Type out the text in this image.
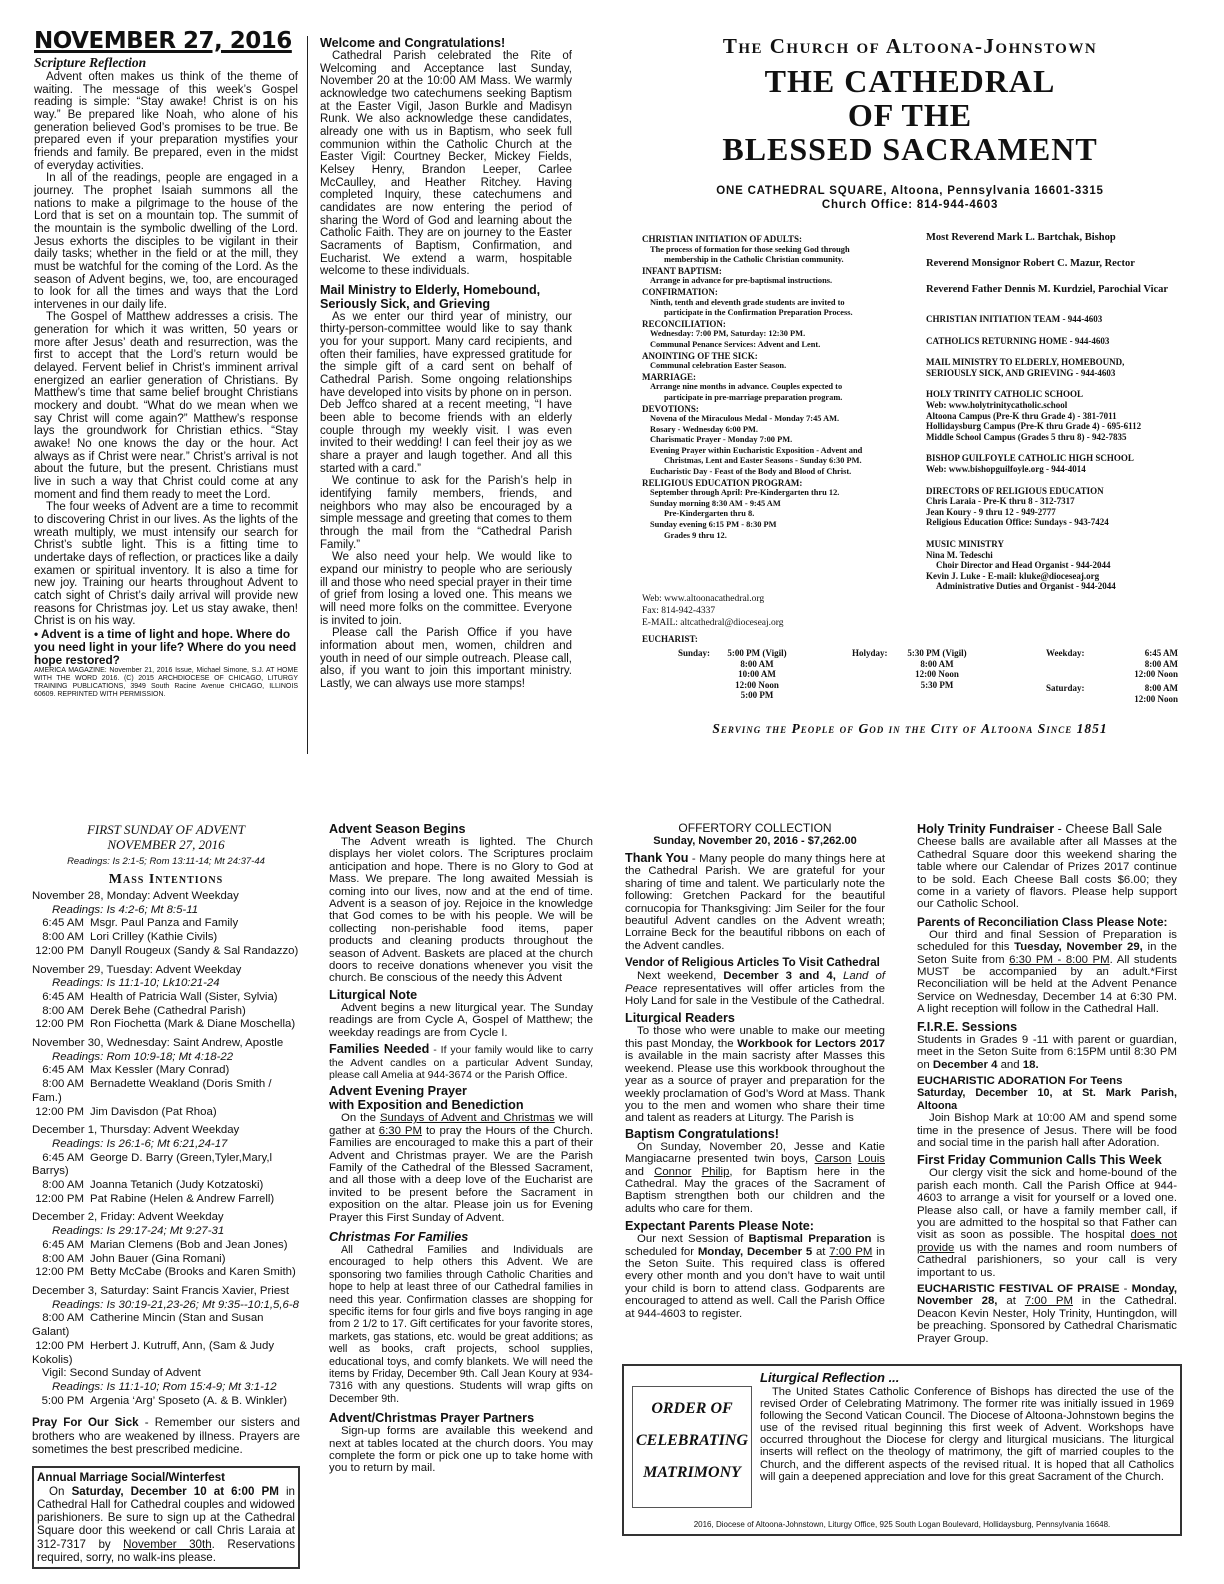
NOVEMBER 27, 2016
Scripture Reflection

Advent often makes us think of the theme of waiting. The message of this week’s Gospel reading is simple: “Stay awake! Christ is on his way.” Be prepared like Noah, who alone of his generation believed God’s promises to be true. Be prepared even if your preparation mystifies your friends and family. Be prepared, even in the midst of everyday activities.

In all of the readings, people are engaged in a journey. The prophet Isaiah summons all the nations to make a pilgrimage to the house of the Lord that is set on a mountain top. The summit of the mountain is the symbolic dwelling of the Lord. Jesus exhorts the disciples to be vigilant in their daily tasks; whether in the field or at the mill, they must be watchful for the coming of the Lord. As the season of Advent begins, we, too, are encouraged to look for all the times and ways that the Lord intervenes in our daily life.

The Gospel of Matthew addresses a crisis. The generation for which it was written, 50 years or more after Jesus’ death and resurrection, was the first to accept that the Lord’s return would be delayed. Fervent belief in Christ’s imminent arrival energized an earlier generation of Christians. By Matthew’s time that same belief brought Christians mockery and doubt. “What do we mean when we say Christ will come again?” Matthew’s response lays the groundwork for Christian ethics. “Stay awake! No one knows the day or the hour. Act always as if Christ were near.” Christ’s arrival is not about the future, but the present. Christians must live in such a way that Christ could come at any moment and find them ready to meet the Lord.

The four weeks of Advent are a time to recommit to discovering Christ in our lives. As the lights of the wreath multiply, we must intensify our search for Christ’s subtle light. This is a fitting time to undertake days of reflection, or practices like a daily examen or spiritual inventory. It is also a time for new joy. Training our hearts throughout Advent to catch sight of Christ’s daily arrival will provide new reasons for Christmas joy. Let us stay awake, then! Christ is on his way.

• Advent is a time of light and hope. Where do you need light in your life? Where do you need hope restored?

AMERICA MAGAZINE: November 21, 2016 Issue, Michael Simone, S.J. AT HOME WITH THE WORD 2016. (C) 2015 ARCHDIOCESE OF CHICAGO, LITURGY TRAINING PUBLICATIONS, 3949 South Racine Avenue CHICAGO, ILLINOIS 60609. REPRINTED WITH PERMISSION.

Welcome and Congratulations!

Cathedral Parish celebrated the Rite of Welcoming and Acceptance last Sunday, November 20 at the 10:00 AM Mass. We warmly acknowledge two catechumens seeking Baptism at the Easter Vigil, Jason Burkle and Madisyn Runk. We also acknowledge these candidates, already one with us in Baptism, who seek full communion within the Catholic Church at the Easter Vigil: Courtney Becker, Mickey Fields, Kelsey Henry, Brandon Leeper, Carlee McCaulley, and Heather Ritchey. Having completed Inquiry, these catechumens and candidates are now entering the period of sharing the Word of God and learning about the Catholic Faith. They are on journey to the Easter Sacraments of Baptism, Confirmation, and Eucharist. We extend a warm, hospitable welcome to these individuals.

Mail Ministry to Elderly, Homebound, Seriously Sick, and Grieving

As we enter our third year of ministry, our thirty-person-committee would like to say thank you for your support. Many card recipients, and often their families, have expressed gratitude for the simple gift of a card sent on behalf of Cathedral Parish. Some ongoing relationships have developed into visits by phone on in person. Deb Jeffco shared at a recent meeting, “I have been able to become friends with an elderly couple through my weekly visit. I was even invited to their wedding! I can feel their joy as we share a prayer and laugh together. And all this started with a card.”

We continue to ask for the Parish’s help in identifying family members, friends, and neighbors who may also be encouraged by a simple message and greeting that comes to them through the mail from the “Cathedral Parish Family.”

We also need your help. We would like to expand our ministry to people who are seriously ill and those who need special prayer in their time of grief from losing a loved one. This means we will need more folks on the committee. Everyone is invited to join.

Please call the Parish Office if you have information about men, women, children and youth in need of our simple outreach. Please call, also, if you want to join this important ministry. Lastly, we can always use more stamps!

The Church of Altoona-Johnstown
THE CATHEDRAL
OF THE
BLESSED SACRAMENT
ONE CATHEDRAL SQUARE, Altoona, Pennsylvania 16601-3315
Church Office: 814-944-4603
CHRISTIAN INITIATION OF ADULTS:
The process of formation for those seeking God through
membership in the Catholic Christian community.
INFANT BAPTISM:
Arrange in advance for pre-baptismal instructions.
CONFIRMATION:
Ninth, tenth and eleventh grade students are invited to
participate in the Confirmation Preparation Process.
RECONCILIATION:
Wednesday: 7:00 PM, Saturday: 12:30 PM.
Communal Penance Services: Advent and Lent.
ANOINTING OF THE SICK:
Communal celebration Easter Season.
MARRIAGE:
Arrange nine months in advance. Couples expected to
participate in pre-marriage preparation program.
DEVOTIONS:
Novena of the Miraculous Medal - Monday 7:45 AM.
Rosary - Wednesday 6:00 PM.
Charismatic Prayer - Monday 7:00 PM.
Evening Prayer within Eucharistic Exposition - Advent and
Christmas, Lent and Easter Seasons - Sunday 6:30 PM.
Eucharistic Day - Feast of the Body and Blood of Christ.
RELIGIOUS EDUCATION PROGRAM:
September through April: Pre-Kindergarten thru 12.
Sunday morning 8:30 AM - 9:45 AM
Pre-Kindergarten thru 8.
Sunday evening 6:15 PM - 8:30 PM
Grades 9 thru 12.
Web: www.altoonacathedral.org
Fax: 814-942-4337
E-MAIL: altcathedral@dioceseaj.org
Most Reverend Mark L. Bartchak, Bishop
Reverend Monsignor Robert C. Mazur, Rector
Reverend Father Dennis M. Kurdziel, Parochial Vicar
CHRISTIAN INITIATION TEAM - 944-4603
CATHOLICS RETURNING HOME - 944-4603
MAIL MINISTRY TO ELDERLY, HOMEBOUND,
SERIOUSLY SICK, AND GRIEVING - 944-4603
HOLY TRINITY CATHOLIC SCHOOL
Web: www.holytrinitycatholic.school
Altoona Campus (Pre-K thru Grade 4) - 381-7011
Hollidaysburg Campus (Pre-K thru Grade 4) - 695-6112
Middle School Campus (Grades 5 thru 8) - 942-7835
BISHOP GUILFOYLE CATHOLIC HIGH SCHOOL
Web: www.bishopguilfoyle.org - 944-4014
DIRECTORS OF RELIGIOUS EDUCATION
Chris Laraia - Pre-K thru 8 - 312-7317
Jean Koury - 9 thru 12 - 949-2777
Religious Education Office: Sundays - 943-7424
MUSIC MINISTRY
Nina M. Tedeschi
Choir Director and Head Organist - 944-2044
Kevin J. Luke - E-mail: kluke@dioceseaj.org
Administrative Duties and Organist - 944-2044
EUCHARIST:
Sunday:	5:00 PM (Vigil)
8:00 AM
10:00 AM
12:00 Noon
5:00 PM
Holyday:	5:30 PM (Vigil)
8:00 AM
12:00 Noon
5:30 PM
Weekday:	6:45 AM
8:00 AM
12:00 Noon
Saturday:	8:00 AM
12:00 Noon
Serving the People of God in the City of Altoona Since 1851
FIRST SUNDAY OF ADVENT
NOVEMBER 27, 2016
Readings: Is 2:1-5; Rom 13:11-14; Mt 24:37-44
Mass Intentions
November 28, Monday: Advent Weekday
Readings: Is 4:2-6; Mt 8:5-11
6:45 AM Msgr. Paul Panza and Family
8:00 AM Lori Crilley (Kathie Civils)
12:00 PM Danyll Rougeux (Sandy & Sal Randazzo)
November 29, Tuesday: Advent Weekday
Readings: Is 11:1-10; Lk10:21-24
6:45 AM Health of Patricia Wall (Sister, Sylvia)
8:00 AM Derek Behe (Cathedral Parish)
12:00 PM Ron Fiochetta (Mark & Diane Moschella)
November 30, Wednesday: Saint Andrew, Apostle
Readings: Rom 10:9-18; Mt 4:18-22
6:45 AM Max Kessler (Mary Conrad)
8:00 AM Bernadette Weakland (Doris Smith / Fam.)
12:00 PM Jim Davisdon (Pat Rhoa)
December 1, Thursday: Advent Weekday
Readings: Is 26:1-6; Mt 6:21,24-17
6:45 AM George D. Barry (Green,Tyler,Mary,l Barrys)
8:00 AM Joanna Tetanich (Judy Kotzatoski)
12:00 PM Pat Rabine (Helen & Andrew Farrell)
December 2, Friday: Advent Weekday
Readings: Is 29:17-24; Mt 9:27-31
6:45 AM Marian Clemens (Bob and Jean Jones)
8:00 AM John Bauer (Gina Romani)
12:00 PM Betty McCabe (Brooks and Karen Smith)
December 3, Saturday: Saint Francis Xavier, Priest
Readings: Is 30:19-21,23-26; Mt 9:35--10:1,5,6-8
8:00 AM Catherine Mincin (Stan and Susan Galant)
12:00 PM Herbert J. Kutruff, Ann, (Sam & Judy Kokolis)
Vigil: Second Sunday of Advent
Readings: Is 11:1-10; Rom 15:4-9; Mt 3:1-12
5:00 PM Argenia ‘Arg’ Sposeto (A. & B. Winkler)

Pray For Our Sick - Remember our sisters and brothers who are weakened by illness. Prayers are sometimes the best prescribed medicine.

Annual Marriage Social/Winterfest

On Saturday, December 10 at 6:00 PM in Cathedral Hall for Cathedral couples and widowed parishioners. Be sure to sign up at the Cathedral Square door this weekend or call Chris Laraia at 312-7317 by November 30th. Reservations required, sorry, no walk-ins please.

Advent Season Begins

The Advent wreath is lighted. The Church displays her violet colors. The Scriptures proclaim anticipation and hope. There is no Glory to God at Mass. We prepare. The long awaited Messiah is coming into our lives, now and at the end of time. Advent is a season of joy. Rejoice in the knowledge that God comes to be with his people. We will be collecting non-perishable food items, paper products and cleaning products throughout the season of Advent. Baskets are placed at the church doors to receive donations whenever you visit the church. Be conscious of the needy this Advent

Liturgical Note

Advent begins a new liturgical year. The Sunday readings are from Cycle A, Gospel of Matthew; the weekday readings are from Cycle I.

Families Needed - If your family would like to carry the Advent candles on a particular Advent Sunday, please call Amelia at 944-3674 or the Parish Office.

Advent Evening Prayer
with Exposition and Benediction

On the Sundays of Advent and Christmas we will gather at 6:30 PM to pray the Hours of the Church. Families are encouraged to make this a part of their Advent and Christmas prayer. We are the Parish Family of the Cathedral of the Blessed Sacrament, and all those with a deep love of the Eucharist are invited to be present before the Sacrament in exposition on the altar. Please join us for Evening Prayer this First Sunday of Advent.

Christmas For Families

All Cathedral Families and Individuals are encouraged to help others this Advent. We are sponsoring two families through Catholic Charities and hope to help at least three of our Cathedral families in need this year. Confirmation classes are shopping for specific items for four girls and five boys ranging in age from 2 1/2 to 17. Gift certificates for your favorite stores, markets, gas stations, etc. would be great additions; as well as books, craft projects, school supplies, educational toys, and comfy blankets. We will need the items by Friday, December 9th. Call Jean Koury at 934-7316 with any questions. Students will wrap gifts on December 9th.

Advent/Christmas Prayer Partners

Sign-up forms are available this weekend and next at tables located at the church doors. You may complete the form or pick one up to take home with you to return by mail.

OFFERTORY COLLECTION
Sunday, November 20, 2016 - $7,262.00

Thank You - Many people do many things here at the Cathedral Parish. We are grateful for your sharing of time and talent. We particularly note the following: Gretchen Packard for the beautiful cornucopia for Thanksgiving: Jim Seiler for the four beautiful Advent candles on the Advent wreath; Lorraine Beck for the beautiful ribbons on each of the Advent candles.

Vendor of Religious Articles To Visit Cathedral

Next weekend, December 3 and 4, Land of Peace representatives will offer articles from the Holy Land for sale in the Vestibule of the Cathedral.

Liturgical Readers

To those who were unable to make our meeting this past Monday, the Workbook for Lectors 2017 is available in the main sacristy after Masses this weekend. Please use this workbook throughout the year as a source of prayer and preparation for the weekly proclamation of God’s Word at Mass. Thank you to the men and women who share their time and talent as readers at Liturgy. The Parish is

Baptism Congratulations!

On Sunday, November 20, Jesse and Katie Mangiacarne presented twin boys, Carson Louis and Connor Philip, for Baptism here in the Cathedral. May the graces of the Sacrament of Baptism strengthen both our children and the adults who care for them.

Expectant Parents Please Note:

Our next Session of Baptismal Preparation is scheduled for Monday, December 5 at 7:00 PM in the Seton Suite. This required class is offered every other month and you don’t have to wait until your child is born to attend class. Godparents are encouraged to attend as well. Call the Parish Office at 944-4603 to register.

Holy Trinity Fundraiser - Cheese Ball Sale

Cheese balls are available after all Masses at the Cathedral Square door this weekend sharing the table where our Calendar of Prizes 2017 continue to be sold. Each Cheese Ball costs $6.00; they come in a variety of flavors. Please help support our Catholic School.

Parents of Reconciliation Class Please Note:

Our third and final Session of Preparation is scheduled for this Tuesday, November 29, in the Seton Suite from 6:30 PM - 8:00 PM. All students MUST be accompanied by an adult.*First Reconciliation will be held at the Advent Penance Service on Wednesday, December 14 at 6:30 PM. A light reception will follow in the Cathedral Hall.

F.I.R.E. Sessions

Students in Grades 9 -11 with parent or guardian, meet in the Seton Suite from 6:15PM until 8:30 PM on December 4 and 18.

EUCHARISTIC ADORATION For Teens
Saturday, December 10, at St. Mark Parish, Altoona

Join Bishop Mark at 10:00 AM and spend some time in the presence of Jesus. There will be food and social time in the parish hall after Adoration.

First Friday Communion Calls This Week

Our clergy visit the sick and home-bound of the parish each month. Call the Parish Office at 944-4603 to arrange a visit for yourself or a loved one. Please also call, or have a family member call, if you are admitted to the hospital so that Father can visit as soon as possible. The hospital does not provide us with the names and room numbers of Cathedral parishioners, so your call is very important to us.

EUCHARISTIC FESTIVAL OF PRAISE - Monday, November 28, at 7:00 PM in the Cathedral. Deacon Kevin Nester, Holy Trinity, Huntingdon, will be preaching. Sponsored by Cathedral Charismatic Prayer Group.

ORDER OF
CELEBRATING
MATRIMONY
Liturgical Reflection ...

The United States Catholic Conference of Bishops has directed the use of the revised Order of Celebrating Matrimony. The former rite was initially issued in 1969 following the Second Vatican Council. The Diocese of Altoona-Johnstown begins the use of the revised ritual beginning this first week of Advent. Workshops have occurred throughout the Diocese for clergy and liturgical musicians. The liturgical inserts will reflect on the theology of matrimony, the gift of married couples to the Church, and the different aspects of the revised ritual. It is hoped that all Catholics will gain a deepened appreciation and love for this great Sacrament of the Church.

2016, Diocese of Altoona-Johnstown, Liturgy Office, 925 South Logan Boulevard, Hollidaysburg, Pennsylvania 16648.
